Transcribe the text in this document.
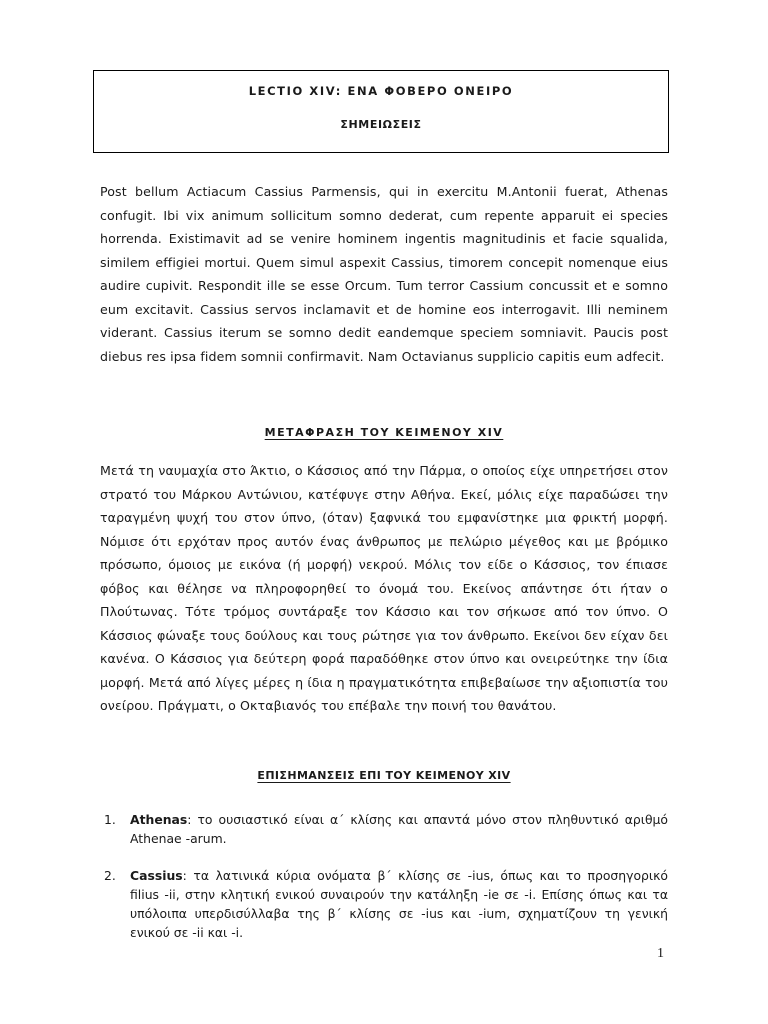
LECTIO XIV: ΕΝΑ ΦΟΒΕΡΟ ΟΝΕΙΡΟ
ΣΗΜΕΙΩΣΕΙΣ

Post bellum Actiacum Cassius Parmensis, qui in exercitu M.Antonii fuerat, Athenas confugit. Ibi vix animum sollicitum somno dederat, cum repente apparuit ei species horrenda. Existimavit ad se venire hominem ingentis magnitudinis et facie squalida, similem effigiei mortui. Quem simul aspexit Cassius, timorem concepit nomenque eius audire cupivit. Respondit ille se esse Orcum. Tum terror Cassium concussit et e somno eum excitavit. Cassius servos inclamavit et de homine eos interrogavit. Illi neminem viderant. Cassius iterum se somno dedit eandemque speciem somniavit. Paucis post diebus res ipsa fidem somnii confirmavit. Nam Octavianus supplicio capitis eum adfecit.

ΜΕΤΑΦΡΑΣΗ ΤΟΥ ΚΕΙΜΕΝΟΥ XIV

Μετά τη ναυμαχία στο Άκτιο, ο Κάσσιος από την Πάρμα, ο οποίος είχε υπηρετήσει στον στρατό του Μάρκου Αντώνιου, κατέφυγε στην Αθήνα. Εκεί, μόλις είχε παραδώσει την ταραγμένη ψυχή του στον ύπνο, (όταν) ξαφνικά του εμφανίστηκε μια φρικτή μορφή. Νόμισε ότι ερχόταν προς αυτόν ένας άνθρωπος με πελώριο μέγεθος και με βρόμικο πρόσωπο, όμοιος με εικόνα (ή μορφή) νεκρού. Μόλις τον είδε ο Κάσσιος, τον έπιασε φόβος και θέλησε να πληροφορηθεί το όνομά του. Εκείνος απάντησε ότι ήταν ο Πλούτωνας. Τότε τρόμος συντάραξε τον Κάσσιο και τον σήκωσε από τον ύπνο. Ο Κάσσιος φώναξε τους δούλους και τους ρώτησε για τον άνθρωπο. Εκείνοι δεν είχαν δει κανένα. Ο Κάσσιος για δεύτερη φορά παραδόθηκε στον ύπνο και ονειρεύτηκε την ίδια μορφή. Μετά από λίγες μέρες η ίδια η πραγματικότητα επιβεβαίωσε την αξιοπιστία του ονείρου. Πράγματι, ο Οκταβιανός του επέβαλε την ποινή του θανάτου.

ΕΠΙΣΗΜΑΝΣΕΙΣ ΕΠΙ ΤΟΥ ΚΕΙΜΕΝΟΥ XIV
1. Athenas: το ουσιαστικό είναι α΄ κλίσης και απαντά μόνο στον πληθυντικό αριθμό Athenae -arum.
2. Cassius: τα λατινικά κύρια ονόματα β΄ κλίσης σε -ius, όπως και το προσηγορικό filius -ii, στην κλητική ενικού συναιρούν την κατάληξη -ie σε -i. Επίσης όπως και τα υπόλοιπα υπερδισύλλαβα της β΄ κλίσης σε -ius και -ium, σχηματίζουν τη γενική ενικού σε -ii και -i.
1
